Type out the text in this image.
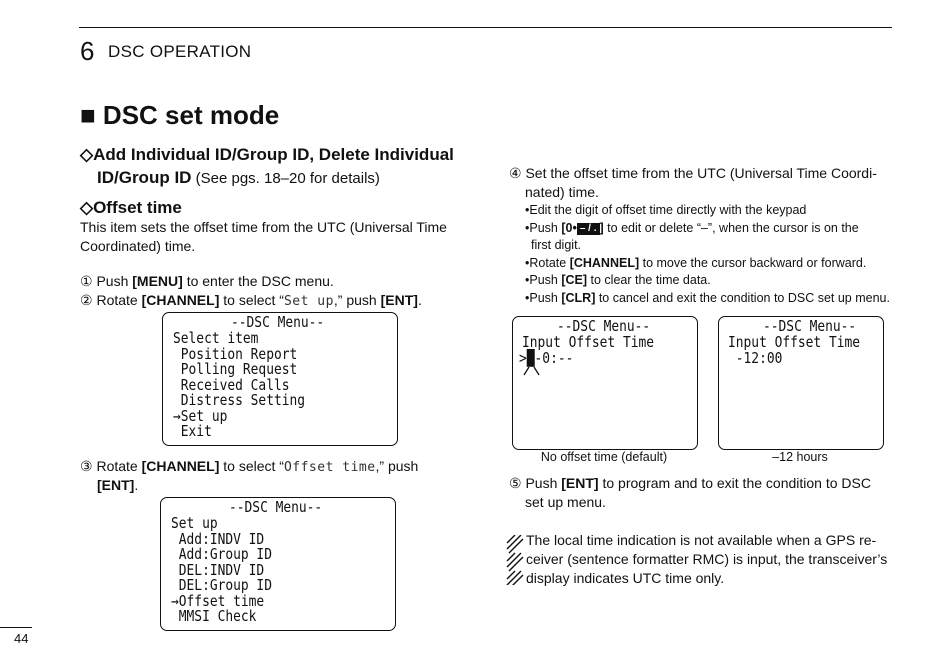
6 DSC OPERATION
■ DSC set mode
◇Add Individual ID/Group ID, Delete Individual
ID/Group ID (See pgs. 18–20 for details)
◇Offset time
This item sets the offset time from the UTC (Universal Time
Coordinated) time.
① Push [MENU] to enter the DSC menu.
② Rotate [CHANNEL] to select “Set up,” push [ENT].
--DSC Menu--
Select item
Position Report
Polling Request
Received Calls
Distress Setting
→Set up
Exit
③ Rotate [CHANNEL] to select “Offset time,” push
[ENT].
--DSC Menu--
Set up
Add:INDV ID
Add:Group ID
DEL:INDV ID
DEL:Group ID
→Offset time
MMSI Check
④ Set the offset time from the UTC (Universal Time Coordi-
nated) time.
•Edit the digit of offset time directly with the keypad
•Push [0• – / . ] to edit or delete “–”, when the cursor is on the
first digit.
•Rotate [CHANNEL] to move the cursor backward or forward.
•Push [CE] to clear the time data.
•Push [CLR] to cancel and exit the condition to DSC set up menu.
--DSC Menu--
Input Offset Time
>█-0:--
--DSC Menu--
Input Offset Time
-12:00
No offset time (default)	–12 hours
⑤ Push [ENT] to program and to exit the condition to DSC
set up menu.
The local time indication is not available when a GPS re-
ceiver (sentence formatter RMC) is input, the transceiver’s
display indicates UTC time only.
44
